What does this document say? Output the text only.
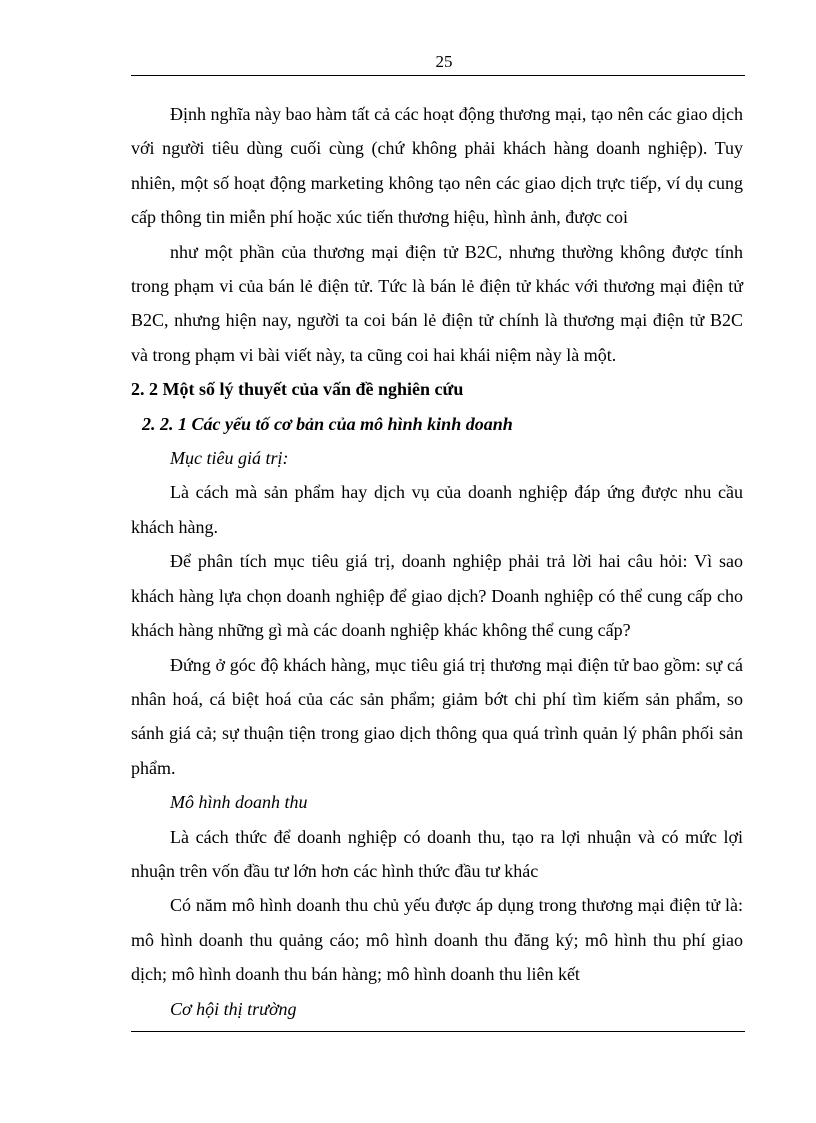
25

Định nghĩa này bao hàm tất cả các hoạt động thương mại, tạo nên các giao dịch với người tiêu dùng cuối cùng (chứ không phải khách hàng doanh nghiệp). Tuy nhiên, một số hoạt động marketing không tạo nên các giao dịch trực tiếp, ví dụ cung cấp thông tin miễn phí hoặc xúc tiến thương hiệu, hình ảnh, được coi

như một phần của thương mại điện tử B2C, nhưng thường không được tính trong phạm vi của bán lẻ điện tử. Tức là bán lẻ điện tử khác với thương mại điện tử B2C, nhưng hiện nay, người ta coi bán lẻ điện tử chính là thương mại điện tử B2C và trong phạm vi bài viết này, ta cũng coi hai khái niệm này là một.

2. 2 Một số lý thuyết của vấn đề nghiên cứu

2. 2. 1 Các yếu tố cơ bản của mô hình kinh doanh

Mục tiêu giá trị:

Là cách mà sản phẩm hay dịch vụ của doanh nghiệp đáp ứng được nhu cầu khách hàng.

Để phân tích mục tiêu giá trị, doanh nghiệp phải trả lời hai câu hỏi: Vì sao khách hàng lựa chọn doanh nghiệp để giao dịch? Doanh nghiệp có thể cung cấp cho khách hàng những gì mà các doanh nghiệp khác không thể cung cấp?

Đứng ở góc độ khách hàng, mục tiêu giá trị thương mại điện tử bao gồm: sự cá nhân hoá, cá biệt hoá của các sản phẩm; giảm bớt chi phí tìm kiếm sản phẩm, so sánh giá cả; sự thuận tiện trong giao dịch thông qua quá trình quản lý phân phối sản phẩm.

Mô hình doanh thu

Là cách thức để doanh nghiệp có doanh thu, tạo ra lợi nhuận và có mức lợi nhuận trên vốn đầu tư lớn hơn các hình thức đầu tư khác

Có năm mô hình doanh thu chủ yếu được áp dụng trong thương mại điện tử là: mô hình doanh thu quảng cáo; mô hình doanh thu đăng ký; mô hình thu phí giao dịch; mô hình doanh thu bán hàng; mô hình doanh thu liên kết

Cơ hội thị trường
